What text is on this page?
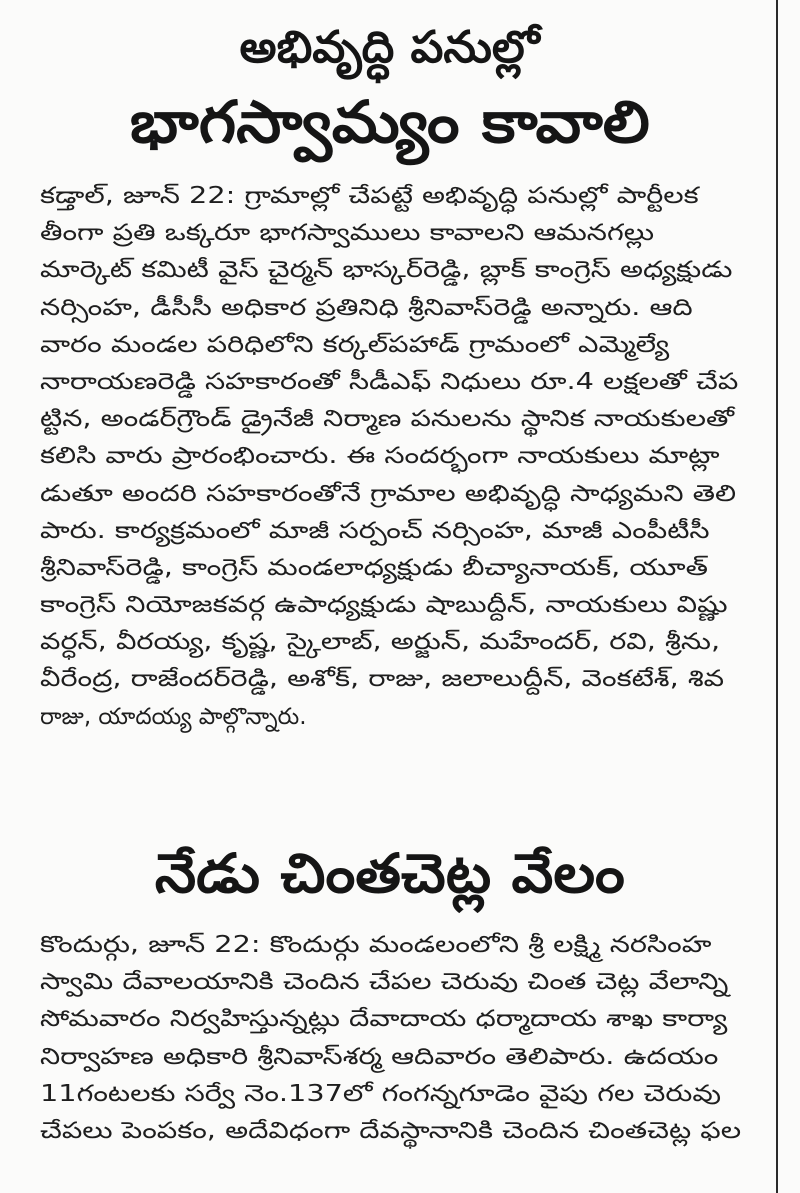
అభివృద్ధి పనుల్లో
భాగస్వామ్యం కావాలి
కడ్తాల్, జూన్ 22: గ్రామాల్లో చేపట్టే అభివృద్ధి పనుల్లో పార్టీలక
తీంగా ప్రతి ఒక్కరూ భాగస్వాములు కావాలని ఆమనగల్లు
మార్కెట్ కమిటీ వైస్ చైర్మన్ భాస్కర్‌రెడ్డి, బ్లాక్ కాంగ్రెస్ అధ్యక్షుడు
నర్సింహ, డీసీసీ అధికార ప్రతినిధి శ్రీనివాస్‌రెడ్డి అన్నారు. ఆది
వారం మండల పరిధిలోని కర్కల్‌పహాడ్ గ్రామంలో ఎమ్మెల్యే
నారాయణరెడ్డి సహకారంతో సీడీఎఫ్ నిధులు రూ.4 లక్షలతో చేప
ట్టిన, అండర్‌గ్రౌండ్ డ్రైనేజీ నిర్మాణ పనులను స్థానిక నాయకులతో
కలిసి వారు ప్రారంభించారు. ఈ సందర్భంగా నాయకులు మాట్లా
డుతూ అందరి సహకారంతోనే గ్రామాల అభివృద్ధి సాధ్యమని తెలి
పారు. కార్యక్రమంలో మాజీ సర్పంచ్ నర్సింహ, మాజీ ఎంపీటీసీ
శ్రీనివాస్‌రెడ్డి, కాంగ్రెస్ మండలాధ్యక్షుడు బీచ్యానాయక్, యూత్
కాంగ్రెస్ నియోజకవర్గ ఉపాధ్యక్షుడు షాబుద్దీన్, నాయకులు విష్ణు
వర్ధన్, వీరయ్య, కృష్ణ, స్కైలాబ్, అర్జున్, మహేందర్, రవి, శ్రీను,
వీరేంద్ర, రాజేందర్‌రెడ్డి, అశోక్, రాజు, జలాలుద్దీన్, వెంకటేశ్, శివ
రాజు, యాదయ్య పాల్గొన్నారు.
నేడు చింతచెట్ల వేలం
కొందుర్గు, జూన్ 22: కొందుర్గు మండలంలోని శ్రీ లక్ష్మి నరసింహ
స్వామి దేవాలయానికి చెందిన చేపల చెరువు చింత చెట్ల వేలాన్ని
సోమవారం నిర్వహిస్తున్నట్లు దేవాదాయ ధర్మాదాయ శాఖ కార్యా
నిర్వాహణ అధికారి శ్రీనివాస్‌శర్మ ఆదివారం తెలిపారు. ఉదయం
11గంటలకు సర్వే నెం.137లో గంగన్నగూడెం వైపు గల చెరువు
చేపలు పెంపకం, అదేవిధంగా దేవస్థానానికి చెందిన చింతచెట్ల ఫల
